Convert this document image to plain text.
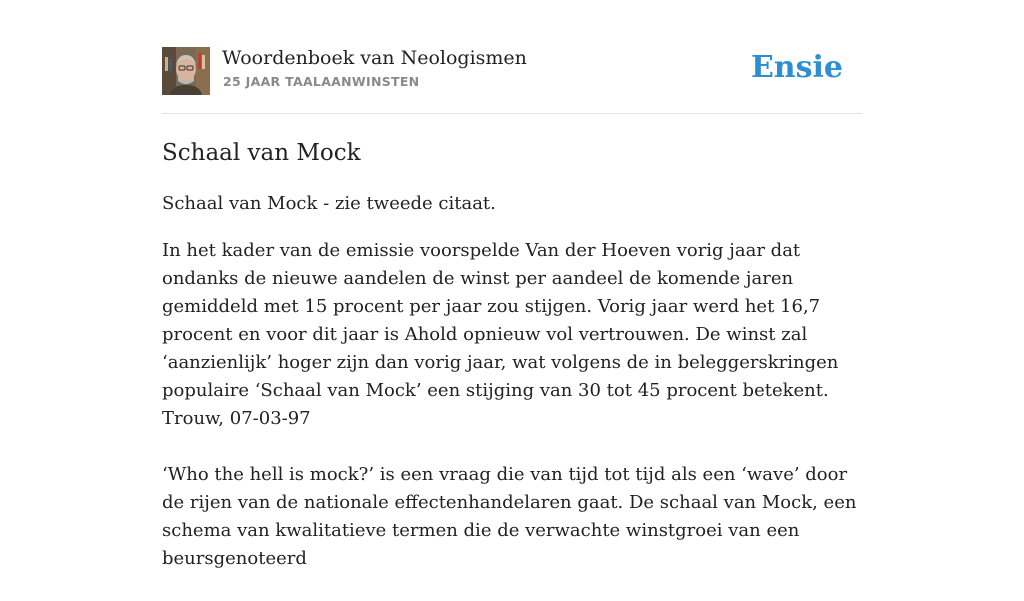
Woordenboek van Neologismen
25 JAAR TAALAANWINSTEN	Ensie
Schaal van Mock

Schaal van Mock - zie tweede citaat.

In het kader van de emissie voorspelde Van der Hoeven vorig jaar dat ondanks de nieuwe aandelen de winst per aandeel de komende jaren gemiddeld met 15 procent per jaar zou stijgen. Vorig jaar werd het 16,7 procent en voor dit jaar is Ahold opnieuw vol vertrouwen. De winst zal ‘aanzienlijk’ hoger zijn dan vorig jaar, wat volgens de in beleggerskringen populaire ‘Schaal van Mock’ een stijging van 30 tot 45 procent betekent. Trouw, 07-03-97

‘Who the hell is mock?’ is een vraag die van tijd tot tijd als een ‘wave’ door de rijen van de nationale effectenhandelaren gaat. De schaal van Mock, een schema van kwalitatieve termen die de verwachte winstgroei van een beursgenoteerd
